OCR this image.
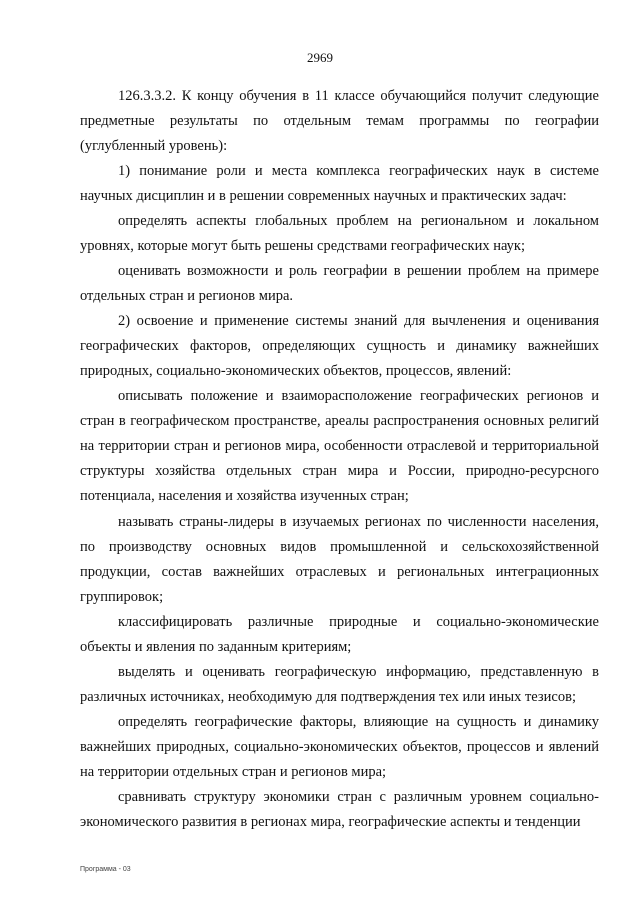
2969

126.3.3.2. К концу обучения в 11 классе обучающийся получит следующие предметные результаты по отдельным темам программы по географии (углубленный уровень):

1) понимание роли и места комплекса географических наук в системе научных дисциплин и в решении современных научных и практических задач:

определять аспекты глобальных проблем на региональном и локальном уровнях, которые могут быть решены средствами географических наук;

оценивать возможности и роль географии в решении проблем на примере отдельных стран и регионов мира.

2) освоение и применение системы знаний для вычленения и оценивания географических факторов, определяющих сущность и динамику важнейших природных, социально-экономических объектов, процессов, явлений:

описывать положение и взаиморасположение географических регионов и стран в географическом пространстве, ареалы распространения основных религий на территории стран и регионов мира, особенности отраслевой и территориальной структуры хозяйства отдельных стран мира и России, природно-ресурсного потенциала, населения и хозяйства изученных стран;

называть страны-лидеры в изучаемых регионах по численности населения, по производству основных видов промышленной и сельскохозяйственной продукции, состав важнейших отраслевых и региональных интеграционных группировок;

классифицировать различные природные и социально-экономические объекты и явления по заданным критериям;

выделять и оценивать географическую информацию, представленную в различных источниках, необходимую для подтверждения тех или иных тезисов;

определять географические факторы, влияющие на сущность и динамику важнейших природных, социально-экономических объектов, процессов и явлений на территории отдельных стран и регионов мира;

сравнивать структуру экономики стран с различным уровнем социально-экономического развития в регионах мира, географические аспекты и тенденции

Программа - 03
